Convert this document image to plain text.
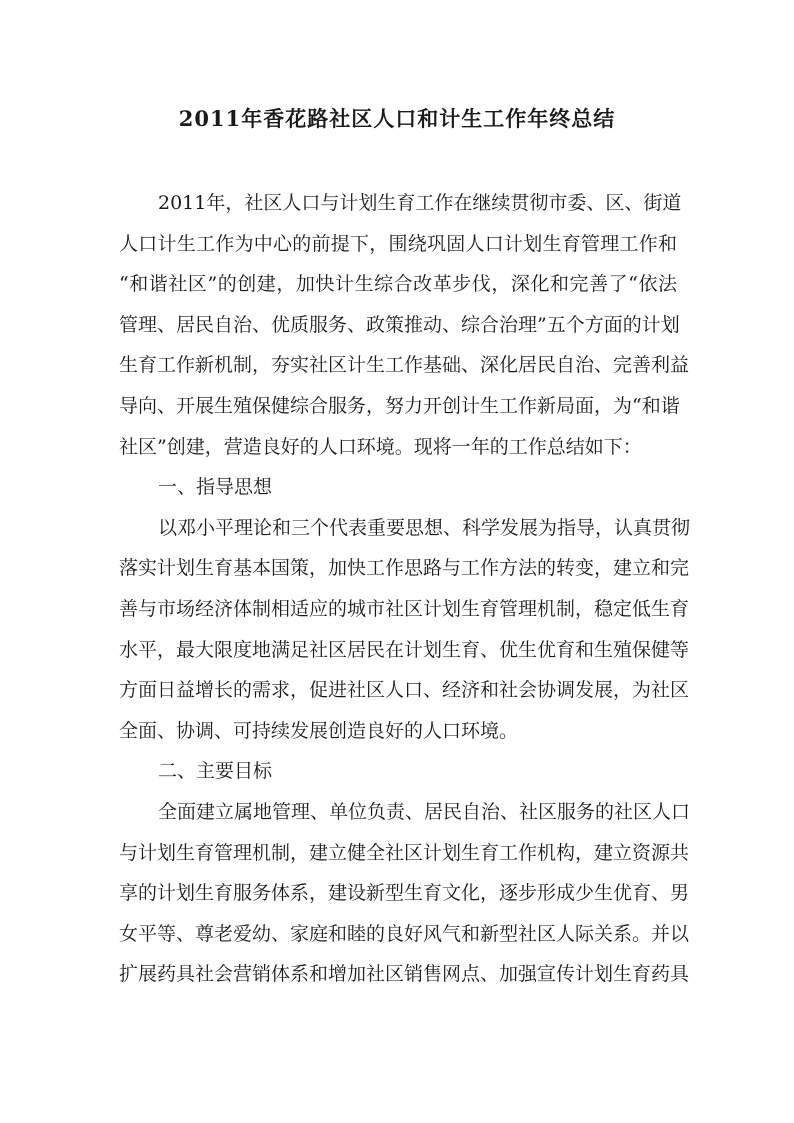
2011年香花路社区人口和计生工作年终总结
2011年，社区人口与计划生育工作在继续贯彻市委、区、街道
人口计生工作为中心的前提下，围绕巩固人口计划生育管理工作和
“和谐社区”的创建，加快计生综合改革步伐，深化和完善了“依法
管理、居民自治、优质服务、政策推动、综合治理”五个方面的计划
生育工作新机制，夯实社区计生工作基础、深化居民自治、完善利益
导向、开展生殖保健综合服务，努力开创计生工作新局面，为“和谐
社区”创建，营造良好的人口环境。现将一年的工作总结如下：
一、指导思想
以邓小平理论和三个代表重要思想、科学发展为指导，认真贯彻
落实计划生育基本国策，加快工作思路与工作方法的转变，建立和完
善与市场经济体制相适应的城市社区计划生育管理机制，稳定低生育
水平，最大限度地满足社区居民在计划生育、优生优育和生殖保健等
方面日益增长的需求，促进社区人口、经济和社会协调发展，为社区
全面、协调、可持续发展创造良好的人口环境。
二、主要目标
全面建立属地管理、单位负责、居民自治、社区服务的社区人口
与计划生育管理机制，建立健全社区计划生育工作机构，建立资源共
享的计划生育服务体系，建设新型生育文化，逐步形成少生优育、男
女平等、尊老爱幼、家庭和睦的良好风气和新型社区人际关系。并以
扩展药具社会营销体系和增加社区销售网点、加强宣传计划生育药具
